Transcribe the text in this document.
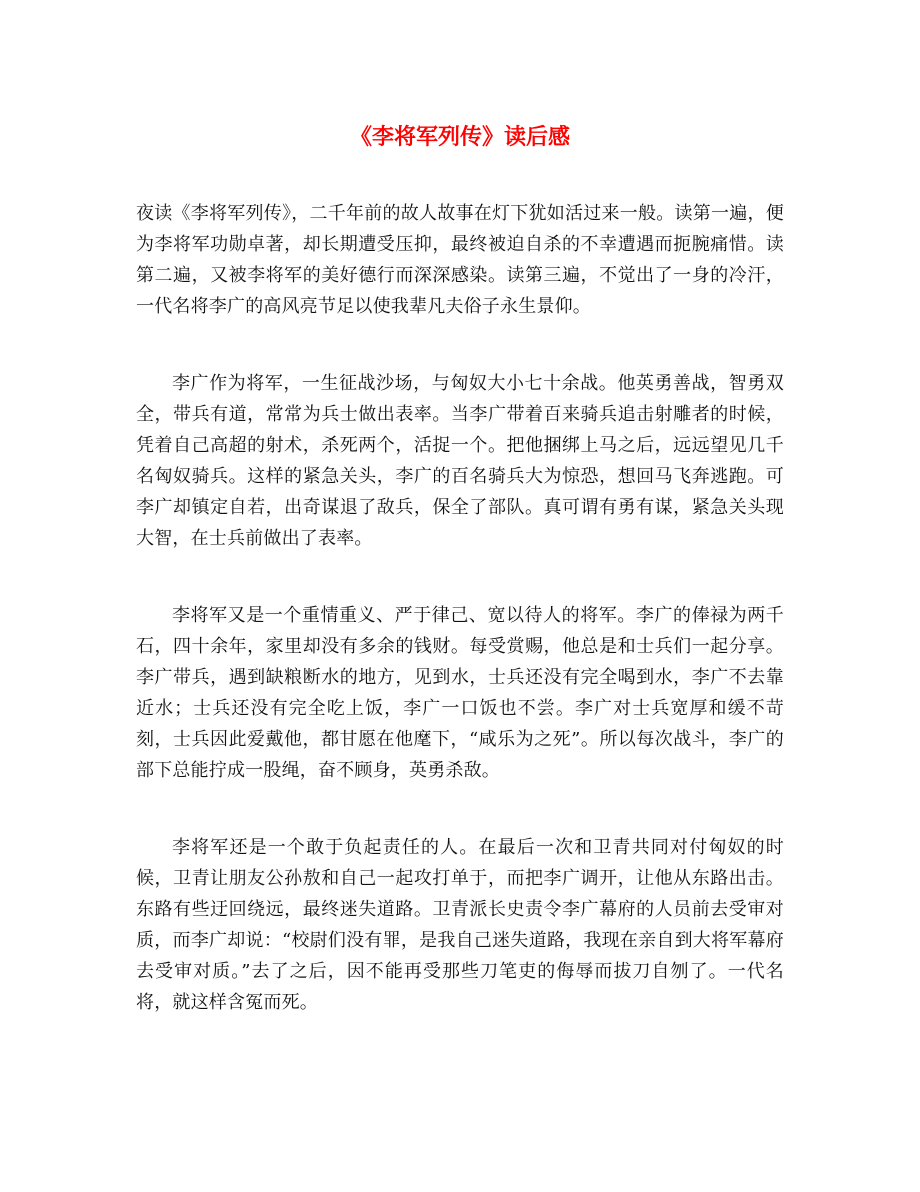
《李将军列传》读后感

夜读《李将军列传》，二千年前的故人故事在灯下犹如活过来一般。读第一遍，便为李将军功勋卓著，却长期遭受压抑，最终被迫自杀的不幸遭遇而扼腕痛惜。读第二遍，又被李将军的美好德行而深深感染。读第三遍，不觉出了一身的冷汗，一代名将李广的高风亮节足以使我辈凡夫俗子永生景仰。

李广作为将军，一生征战沙场，与匈奴大小七十余战。他英勇善战，智勇双全，带兵有道，常常为兵士做出表率。当李广带着百来骑兵追击射雕者的时候，凭着自己高超的射术，杀死两个，活捉一个。把他捆绑上马之后，远远望见几千名匈奴骑兵。这样的紧急关头，李广的百名骑兵大为惊恐，想回马飞奔逃跑。可李广却镇定自若，出奇谋退了敌兵，保全了部队。真可谓有勇有谋，紧急关头现大智，在士兵前做出了表率。

李将军又是一个重情重义、严于律己、宽以待人的将军。李广的俸禄为两千石，四十余年，家里却没有多余的钱财。每受赏赐，他总是和士兵们一起分享。李广带兵，遇到缺粮断水的地方，见到水，士兵还没有完全喝到水，李广不去靠近水；士兵还没有完全吃上饭，李广一口饭也不尝。李广对士兵宽厚和缓不苛刻，士兵因此爱戴他，都甘愿在他麾下，“咸乐为之死”。所以每次战斗，李广的部下总能拧成一股绳，奋不顾身，英勇杀敌。

李将军还是一个敢于负起责任的人。在最后一次和卫青共同对付匈奴的时候，卫青让朋友公孙敖和自己一起攻打单于，而把李广调开，让他从东路出击。东路有些迂回绕远，最终迷失道路。卫青派长史责令李广幕府的人员前去受审对质，而李广却说：“校尉们没有罪，是我自己迷失道路，我现在亲自到大将军幕府去受审对质。”去了之后，因不能再受那些刀笔吏的侮辱而拔刀自刎了。一代名将，就这样含冤而死。
